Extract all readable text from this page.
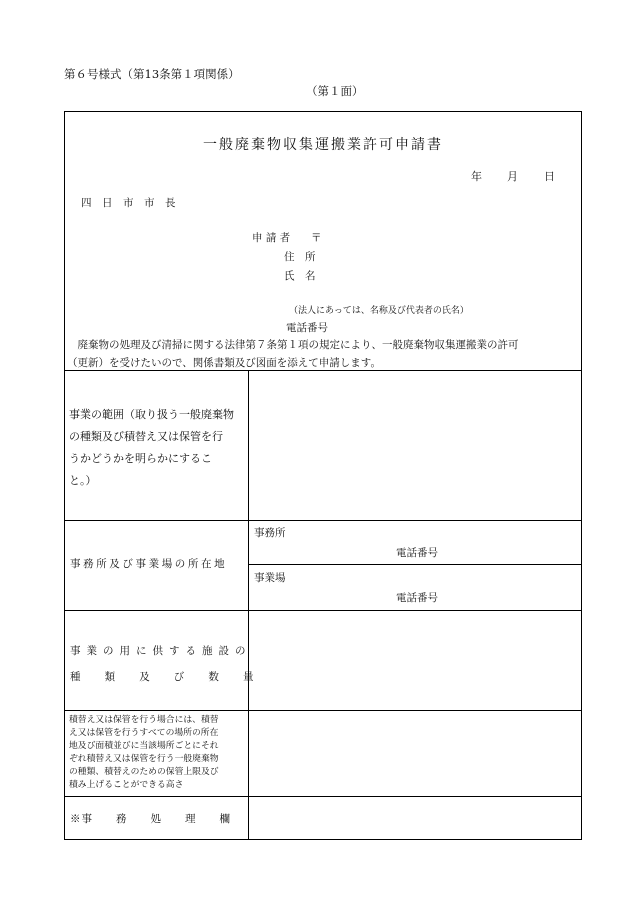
第６号様式（第13条第１項関係）
（第１面）
一般廃棄物収集運搬業許可申請書
年 月 日
四　日　市　市　長
申 請 者 〒
住　所
氏　名
（法人にあっては、名称及び代表者の氏名）
電話番号
　廃棄物の処理及び清掃に関する法律第７条第１項の規定により、一般廃棄物収集運搬業の許可
（更新）を受けたいので、関係書類及び図面を添えて申請します。
事業の範囲（取り扱う一般廃棄物
の種類及び積替え又は保管を行
うかどうかを明らかにするこ
と。）
事務所及び事業場の所在地
事務所
電話番号
事業場
電話番号
事業の用に供する施設の
種　類　及　び　数　量
積替え又は保管を行う場合には、積替
え又は保管を行うすべての場所の所在
地及び面積並びに当該場所ごとにそれ
ぞれ積替え又は保管を行う一般廃棄物
の種類、積替えのための保管上限及び
積み上げることができる高さ
※事　　務　　処　　理　　欄
